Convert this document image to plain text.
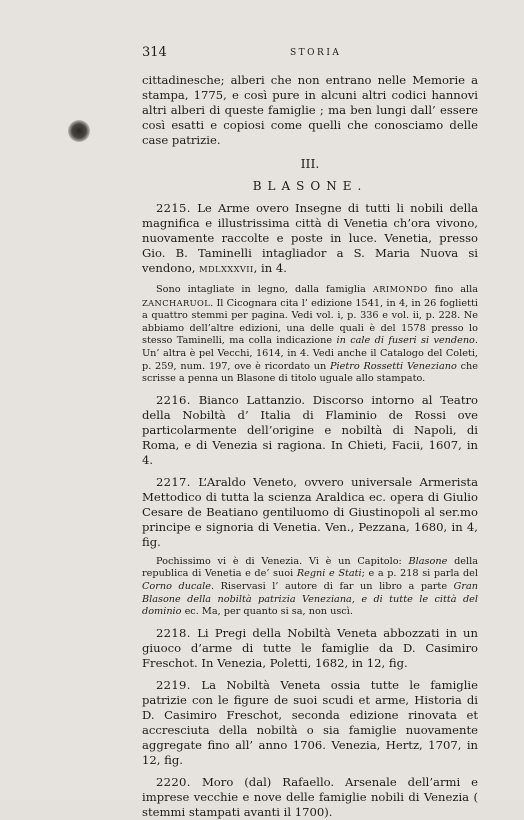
314	STORIA

cittadinesche; alberi che non entrano nelle Memorie a stampa, 1775, e così pure in alcuni altri codici hannovi altri alberi di queste famiglie ; ma ben lungi dall’ essere così esatti e copiosi come quelli che conosciamo delle case patrizie.

III.
BLASONE.

2215. Le Arme overo Insegne di tutti li nobili della magnifica e illustrissima città di Venetia ch’ora vivono, nuovamente raccolte e poste in luce. Venetia, presso Gio. B. Taminelli intagliador a S. Maria Nuova si vendono, MDLXXXVII, in 4.

Sono intagliate in legno, dalla famiglia ARIMONDO fino alla ZANCHARUOL. Il Cicognara cita l’ edizione 1541, in 4, in 26 foglietti a quattro stemmi per pagina. Vedi vol. i, p. 336 e vol. ii, p. 228. Ne abbiamo dell’altre edizioni, una delle quali è del 1578 presso lo stesso Taminelli, ma colla indicazione in cale di fuseri si vendeno. Un’ altra è pel Vecchi, 1614, in 4. Vedi anche il Catalogo del Coleti, p. 259, num. 197, ove è ricordato un Pietro Rossetti Veneziano che scrisse a penna un Blasone di titolo uguale allo stampato.

2216. Bianco Lattanzio. Discorso intorno al Teatro della Nobiltà d’ Italia di Flaminio de Rossi ove particolarmente dell’origine e nobiltà di Napoli, di Roma, e di Venezia si ragiona. In Chieti, Facii, 1607, in 4.

2217. L’Araldo Veneto, ovvero universale Armerista Mettodico di tutta la scienza Araldica ec. opera di Giulio Cesare de Beatiano gentiluomo di Giustinopoli al ser.mo principe e signoria di Venetia. Ven., Pezzana, 1680, in 4, fig.

Pochissimo vi è di Venezia. Vi è un Capitolo: Blasone della republica di Venetia e de’ suoi Regni e Stati; e a p. 218 si parla del Corno ducale. Riservasi l’ autore di far un libro a parte Gran Blasone della nobiltà patrizia Veneziana, e di tutte le città del dominio ec. Ma, per quanto si sa, non uscì.

2218. Li Pregi della Nobiltà Veneta abbozzati in un giuoco d’arme di tutte le famiglie da D. Casimiro Freschot. In Venezia, Poletti, 1682, in 12, fig.

2219. La Nobiltà Veneta ossia tutte le famiglie patrizie con le figure de suoi scudi et arme, Historia di D. Casimiro Freschot, seconda edizione rinovata et accresciuta della nobiltà o sia famiglie nuovamente aggregate fino all’ anno 1706. Venezia, Hertz, 1707, in 12, fig.

2220. Moro (dal) Rafaello. Arsenale dell’armi e imprese vecchie e nove delle famiglie nobili di Venezia ( stemmi stampati avanti il 1700).
